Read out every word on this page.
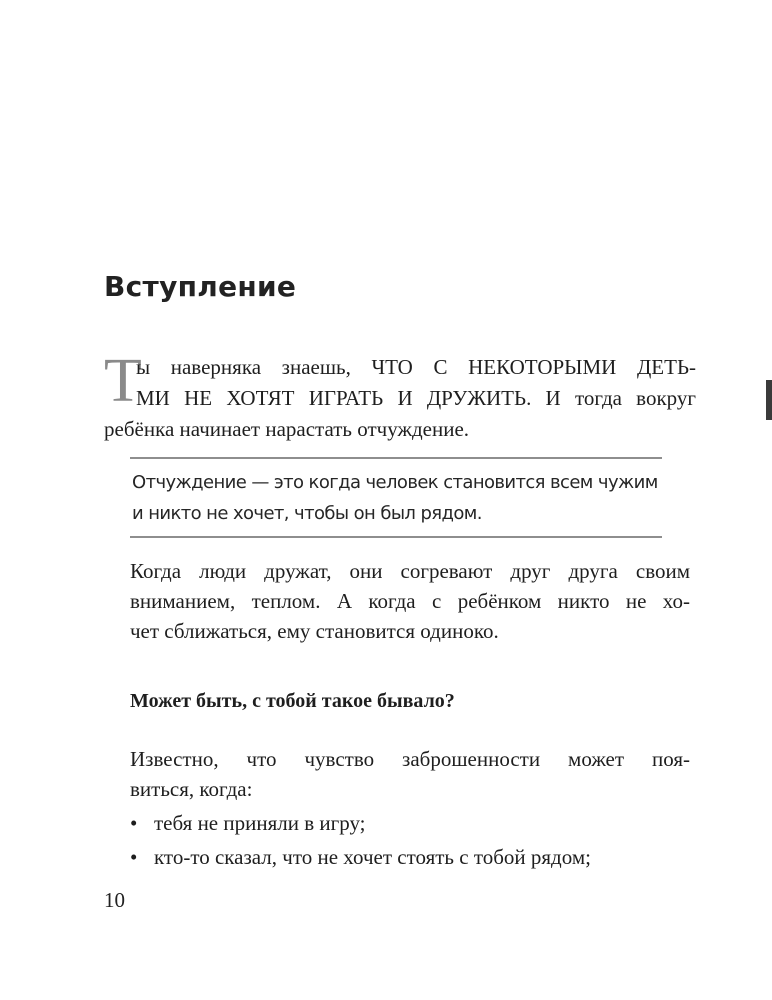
Вступление
Т
ы наверняка знаешь, ЧТО С НЕКОТОРЫМИ ДЕТЬ-
МИ НЕ ХОТЯТ ИГРАТЬ И ДРУЖИТЬ. И тогда вокруг
ребёнка начинает нарастать отчуждение.
Отчуждение — это когда человек становится всем чужим
и никто не хочет, чтобы он был рядом.
Когда люди дружат, они согревают друг друга своим
вниманием, теплом. А когда с ребёнком никто не хо-
чет сближаться, ему становится одиноко.
Может быть, с тобой такое бывало?
Известно, что чувство заброшенности может поя-
виться, когда:
• тебя не приняли в игру;
• кто-то сказал, что не хочет стоять с тобой рядом;
10
